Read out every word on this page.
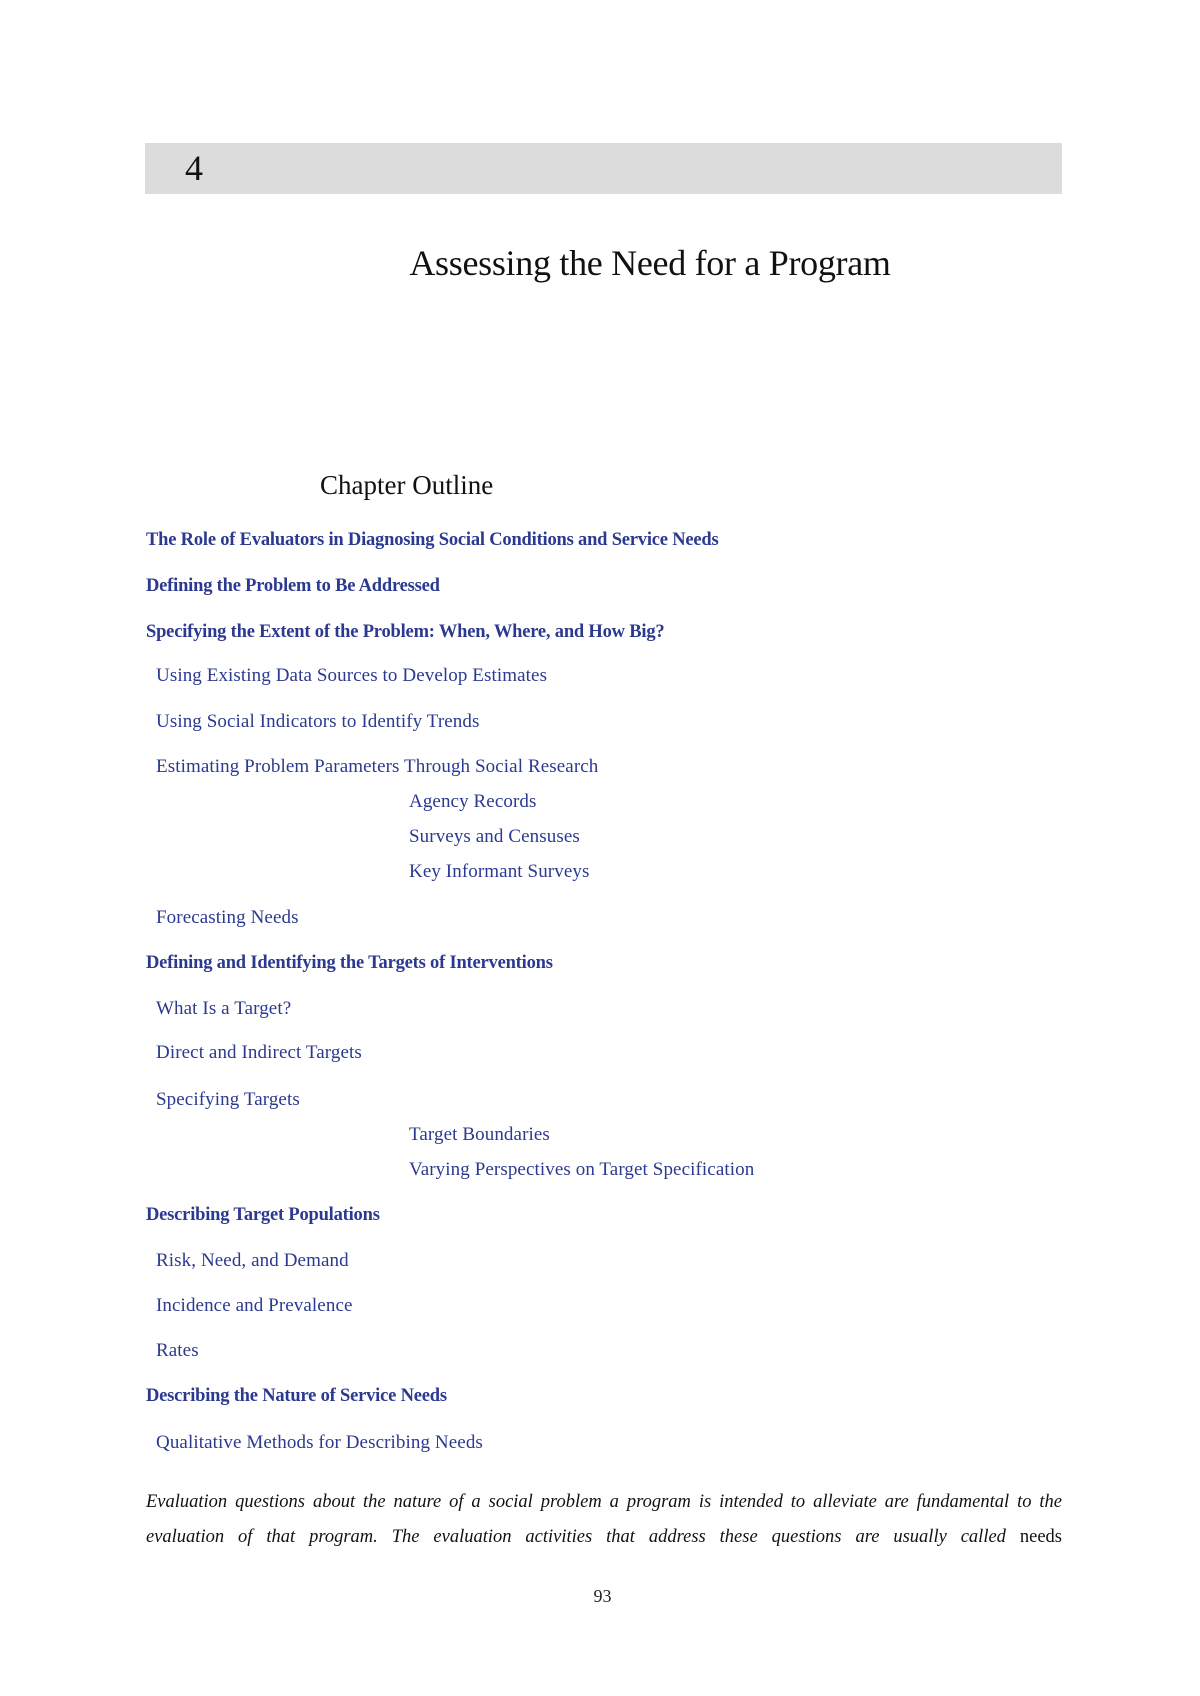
4
Assessing the Need for a Program
Chapter Outline
The Role of Evaluators in Diagnosing Social Conditions and Service Needs
Defining the Problem to Be Addressed
Specifying the Extent of the Problem: When, Where, and How Big?
Using Existing Data Sources to Develop Estimates
Using Social Indicators to Identify Trends
Estimating Problem Parameters Through Social Research
Agency Records
Surveys and Censuses
Key Informant Surveys
Forecasting Needs
Defining and Identifying the Targets of Interventions
What Is a Target?
Direct and Indirect Targets
Specifying Targets
Target Boundaries
Varying Perspectives on Target Specification
Describing Target Populations
Risk, Need, and Demand
Incidence and Prevalence
Rates
Describing the Nature of Service Needs
Qualitative Methods for Describing Needs

Evaluation questions about the nature of a social problem a program is intended to alleviate are fundamental to the evaluation of that program. The evaluation activities that address these questions are usually called needs

93
